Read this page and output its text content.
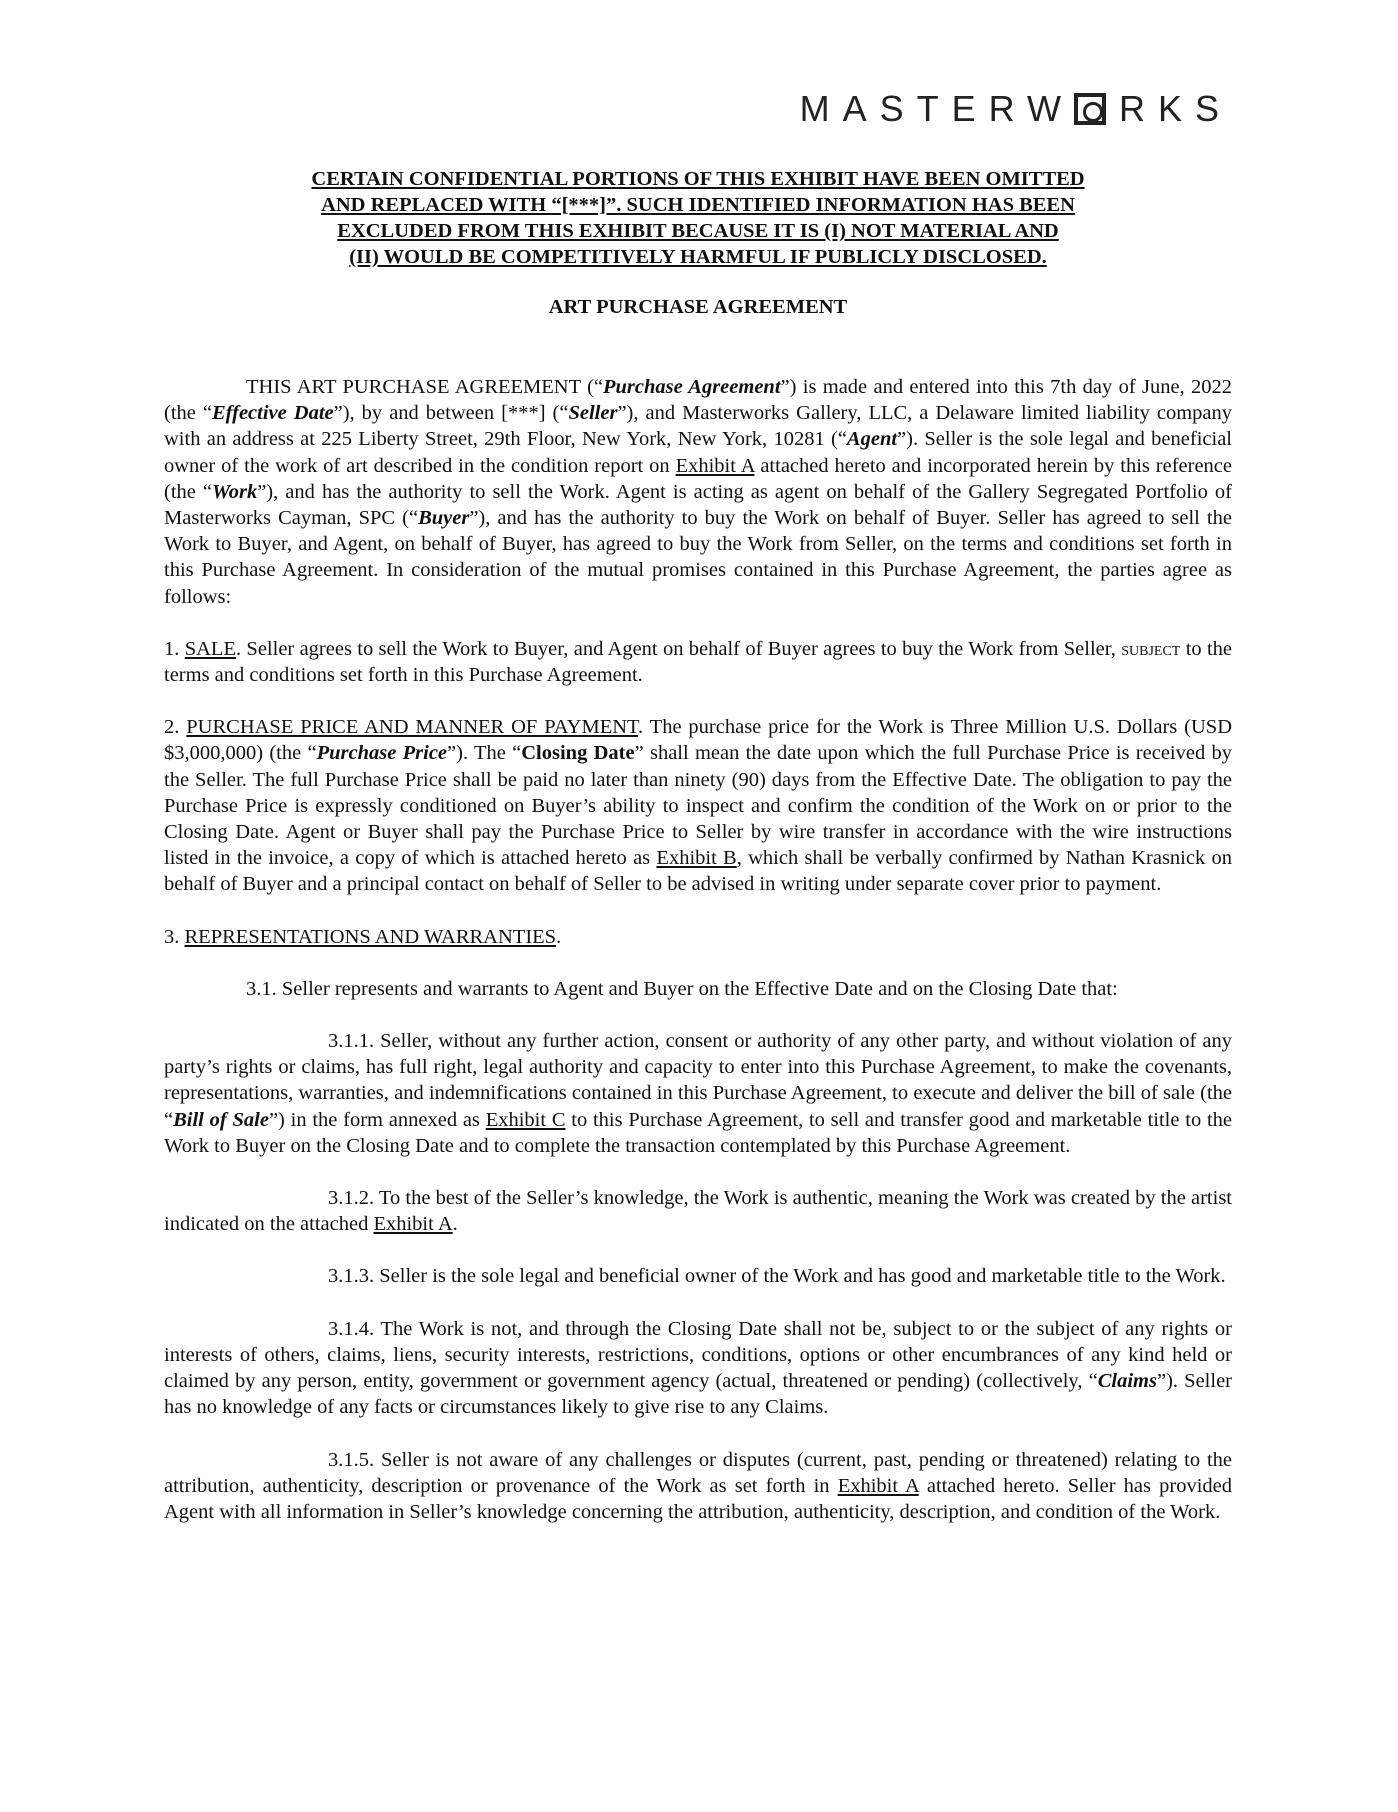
MASTERW RKS
CERTAIN CONFIDENTIAL PORTIONS OF THIS EXHIBIT HAVE BEEN OMITTED
AND REPLACED WITH “[***]”. SUCH IDENTIFIED INFORMATION HAS BEEN
EXCLUDED FROM THIS EXHIBIT BECAUSE IT IS (I) NOT MATERIAL AND
(II) WOULD BE COMPETITIVELY HARMFUL IF PUBLICLY DISCLOSED.
ART PURCHASE AGREEMENT

THIS ART PURCHASE AGREEMENT (“Purchase Agreement”) is made and entered into this 7th day of June, 2022 (the “Effective Date”), by and between [***] (“Seller”), and Masterworks Gallery, LLC, a Delaware limited liability company with an address at 225 Liberty Street, 29th Floor, New York, New York, 10281 (“Agent”). Seller is the sole legal and beneficial owner of the work of art described in the condition report on Exhibit A attached hereto and incorporated herein by this reference (the “Work”), and has the authority to sell the Work. Agent is acting as agent on behalf of the Gallery Segregated Portfolio of Masterworks Cayman, SPC (“Buyer”), and has the authority to buy the Work on behalf of Buyer. Seller has agreed to sell the Work to Buyer, and Agent, on behalf of Buyer, has agreed to buy the Work from Seller, on the terms and conditions set forth in this Purchase Agreement. In consideration of the mutual promises contained in this Purchase Agreement, the parties agree as follows:

1. SALE. Seller agrees to sell the Work to Buyer, and Agent on behalf of Buyer agrees to buy the Work from Seller, subject to the terms and conditions set forth in this Purchase Agreement.

2. PURCHASE PRICE AND MANNER OF PAYMENT. The purchase price for the Work is Three Million U.S. Dollars (USD $3,000,000) (the “Purchase Price”). The “Closing Date” shall mean the date upon which the full Purchase Price is received by the Seller. The full Purchase Price shall be paid no later than ninety (90) days from the Effective Date. The obligation to pay the Purchase Price is expressly conditioned on Buyer’s ability to inspect and confirm the condition of the Work on or prior to the Closing Date. Agent or Buyer shall pay the Purchase Price to Seller by wire transfer in accordance with the wire instructions listed in the invoice, a copy of which is attached hereto as Exhibit B, which shall be verbally confirmed by Nathan Krasnick on behalf of Buyer and a principal contact on behalf of Seller to be advised in writing under separate cover prior to payment.

3. REPRESENTATIONS AND WARRANTIES.

3.1. Seller represents and warrants to Agent and Buyer on the Effective Date and on the Closing Date that:

3.1.1. Seller, without any further action, consent or authority of any other party, and without violation of any party’s rights or claims, has full right, legal authority and capacity to enter into this Purchase Agreement, to make the covenants, representations, warranties, and indemnifications contained in this Purchase Agreement, to execute and deliver the bill of sale (the “Bill of Sale”) in the form annexed as Exhibit C to this Purchase Agreement, to sell and transfer good and marketable title to the Work to Buyer on the Closing Date and to complete the transaction contemplated by this Purchase Agreement.

3.1.2. To the best of the Seller’s knowledge, the Work is authentic, meaning the Work was created by the artist indicated on the attached Exhibit A.

3.1.3. Seller is the sole legal and beneficial owner of the Work and has good and marketable title to the Work.

3.1.4. The Work is not, and through the Closing Date shall not be, subject to or the subject of any rights or interests of others, claims, liens, security interests, restrictions, conditions, options or other encumbrances of any kind held or claimed by any person, entity, government or government agency (actual, threatened or pending) (collectively, “Claims”). Seller has no knowledge of any facts or circumstances likely to give rise to any Claims.

3.1.5. Seller is not aware of any challenges or disputes (current, past, pending or threatened) relating to the attribution, authenticity, description or provenance of the Work as set forth in Exhibit A attached hereto. Seller has provided Agent with all information in Seller’s knowledge concerning the attribution, authenticity, description, and condition of the Work.
